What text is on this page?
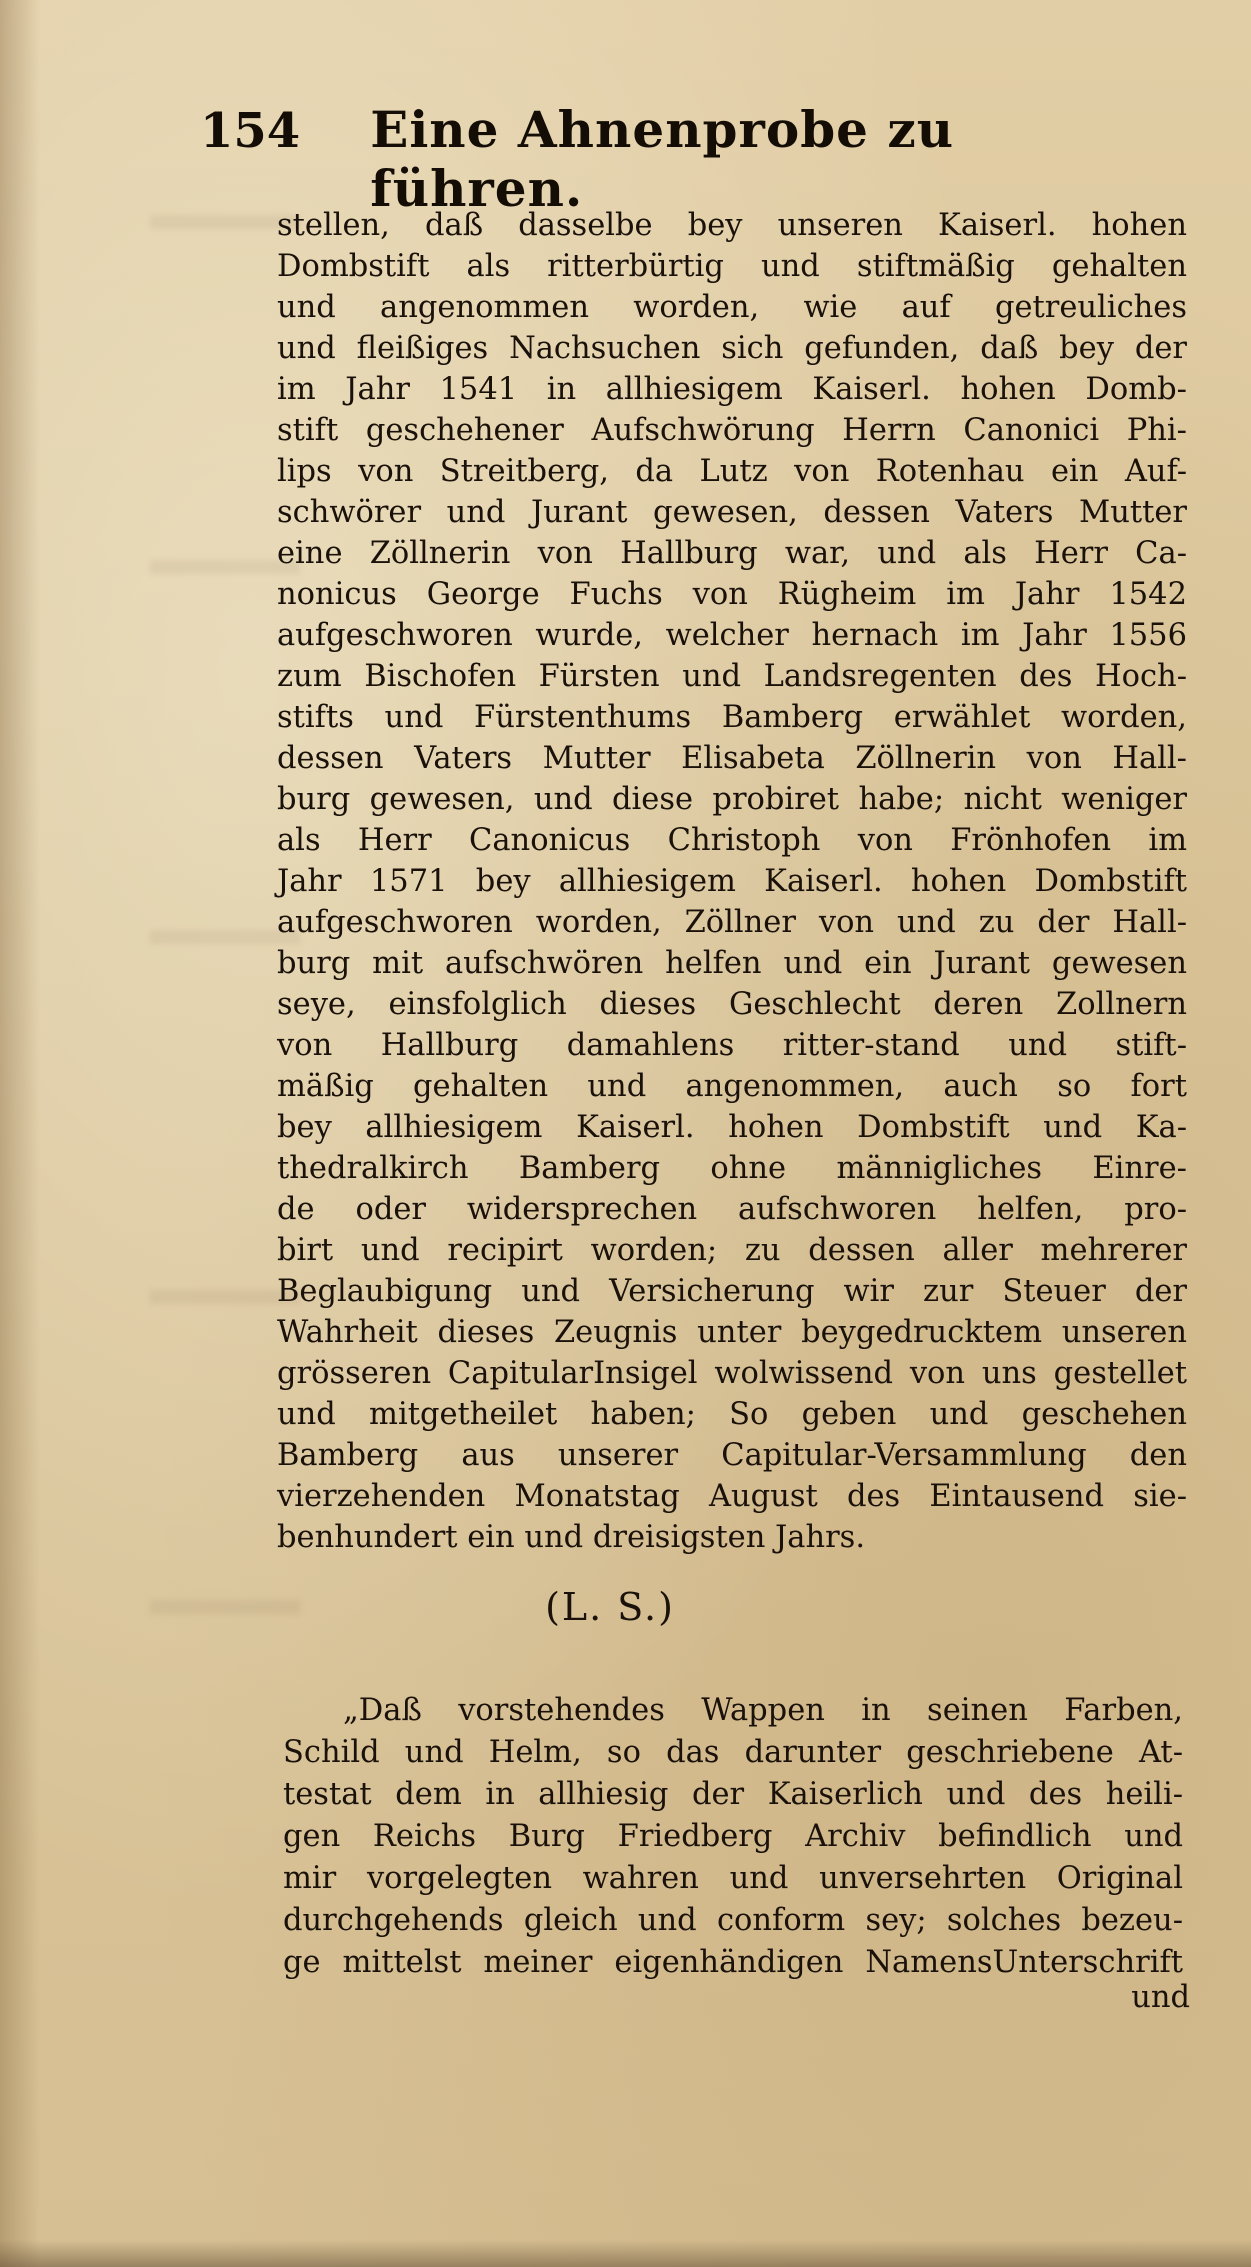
154 Eine Ahnenprobe zu führen.
stellen, daß dasselbe bey unseren Kaiserl. hohen
Dombstift als ritterbürtig und stiftmäßig gehalten
und angenommen worden, wie auf getreuliches
und fleißiges Nachsuchen sich gefunden, daß bey der
im Jahr 1541 in allhiesigem Kaiserl. hohen Domb-
stift geschehener Aufschwörung Herrn Canonici Phi-
lips von Streitberg, da Lutz von Rotenhau ein Auf-
schwörer und Jurant gewesen, dessen Vaters Mutter
eine Zöllnerin von Hallburg war, und als Herr Ca-
nonicus George Fuchs von Rügheim im Jahr 1542
aufgeschworen wurde, welcher hernach im Jahr 1556
zum Bischofen Fürsten und Landsregenten des Hoch-
stifts und Fürstenthums Bamberg erwählet worden,
dessen Vaters Mutter Elisabeta Zöllnerin von Hall-
burg gewesen, und diese probiret habe; nicht weniger
als Herr Canonicus Christoph von Frönhofen im
Jahr 1571 bey allhiesigem Kaiserl. hohen Dombstift
aufgeschworen worden, Zöllner von und zu der Hall-
burg mit aufschwören helfen und ein Jurant gewesen
seye, einsfolglich dieses Geschlecht deren Zollnern
von Hallburg damahlens ritter-stand und stift-
mäßig gehalten und angenommen, auch so fort
bey allhiesigem Kaiserl. hohen Dombstift und Ka-
thedralkirch Bamberg ohne männigliches Einre-
de oder widersprechen aufschworen helfen, pro-
birt und recipirt worden; zu dessen aller mehrerer
Beglaubigung und Versicherung wir zur Steuer der
Wahrheit dieses Zeugnis unter beygedrucktem unseren
grösseren CapitularInsigel wolwissend von uns gestellet
und mitgetheilet haben; So geben und geschehen
Bamberg aus unserer Capitular-Versammlung den
vierzehenden Monatstag August des Eintausend sie-
benhundert ein und dreisigsten Jahrs.
(L. S.)
„Daß vorstehendes Wappen in seinen Farben,
Schild und Helm, so das darunter geschriebene At-
testat dem in allhiesig der Kaiserlich und des heili-
gen Reichs Burg Friedberg Archiv befindlich und
mir vorgelegten wahren und unversehrten Original
durchgehends gleich und conform sey; solches bezeu-
ge mittelst meiner eigenhändigen NamensUnterschrift
und
